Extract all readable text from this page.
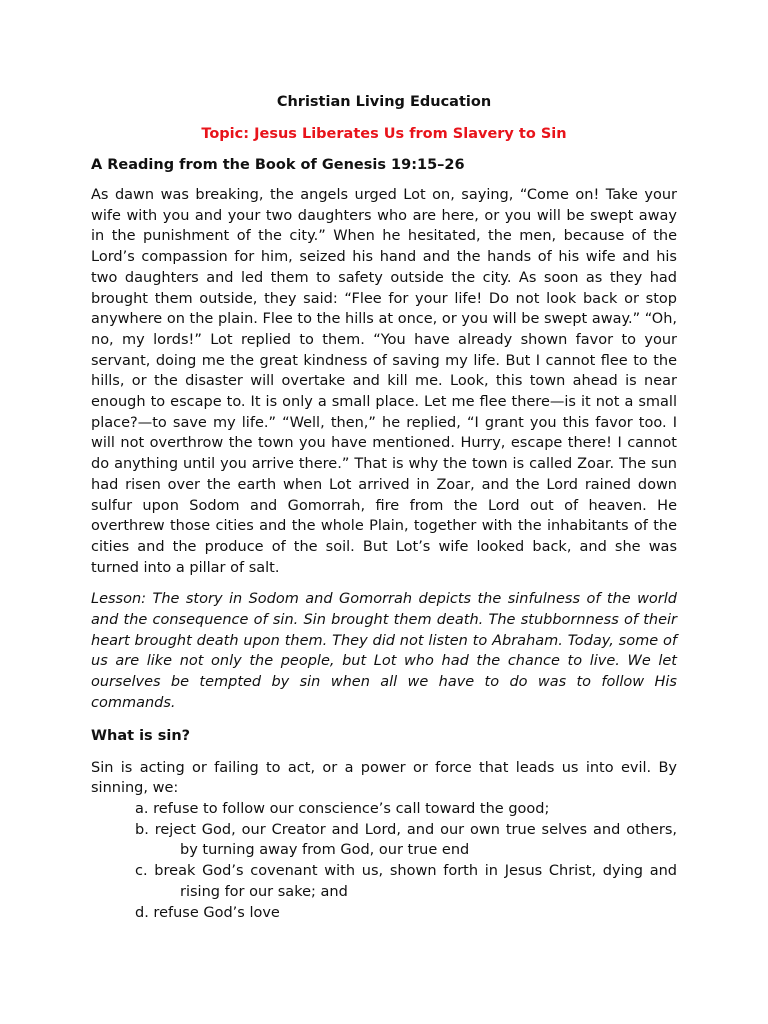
Christian Living Education

Topic: Jesus Liberates Us from Slavery to Sin

A Reading from the Book of Genesis 19:15–26

As dawn was breaking, the angels urged Lot on, saying, “Come on! Take your wife with you and your two daughters who are here, or you will be swept away in the punishment of the city.” When he hesitated, the men, because of the Lord’s compassion for him, seized his hand and the hands of his wife and his two daughters and led them to safety outside the city. As soon as they had brought them outside, they said: “Flee for your life! Do not look back or stop anywhere on the plain. Flee to the hills at once, or you will be swept away.” “Oh, no, my lords!” Lot replied to them. “You have already shown favor to your servant, doing me the great kindness of saving my life. But I cannot flee to the hills, or the disaster will overtake and kill me. Look, this town ahead is near enough to escape to. It is only a small place. Let me flee there—is it not a small place?—to save my life.” “Well, then,” he replied, “I grant you this favor too. I will not overthrow the town you have mentioned. Hurry, escape there! I cannot do anything until you arrive there.” That is why the town is called Zoar. The sun had risen over the earth when Lot arrived in Zoar, and the Lord rained down sulfur upon Sodom and Gomorrah, fire from the Lord out of heaven. He overthrew those cities and the whole Plain, together with the inhabitants of the cities and the produce of the soil. But Lot’s wife looked back, and she was turned into a pillar of salt.

Lesson: The story in Sodom and Gomorrah depicts the sinfulness of the world and the consequence of sin. Sin brought them death. The stubbornness of their heart brought death upon them. They did not listen to Abraham. Today, some of us are like not only the people, but Lot who had the chance to live. We let ourselves be tempted by sin when all we have to do was to follow His commands.

What is sin?

Sin is acting or failing to act, or a power or force that leads us into evil. By sinning, we:

a. refuse to follow our conscience’s call toward the good;
b. reject God, our Creator and Lord, and our own true selves and others, by turning away from God, our true end
c. break God’s covenant with us, shown forth in Jesus Christ, dying and rising for our sake; and
d. refuse God’s love
